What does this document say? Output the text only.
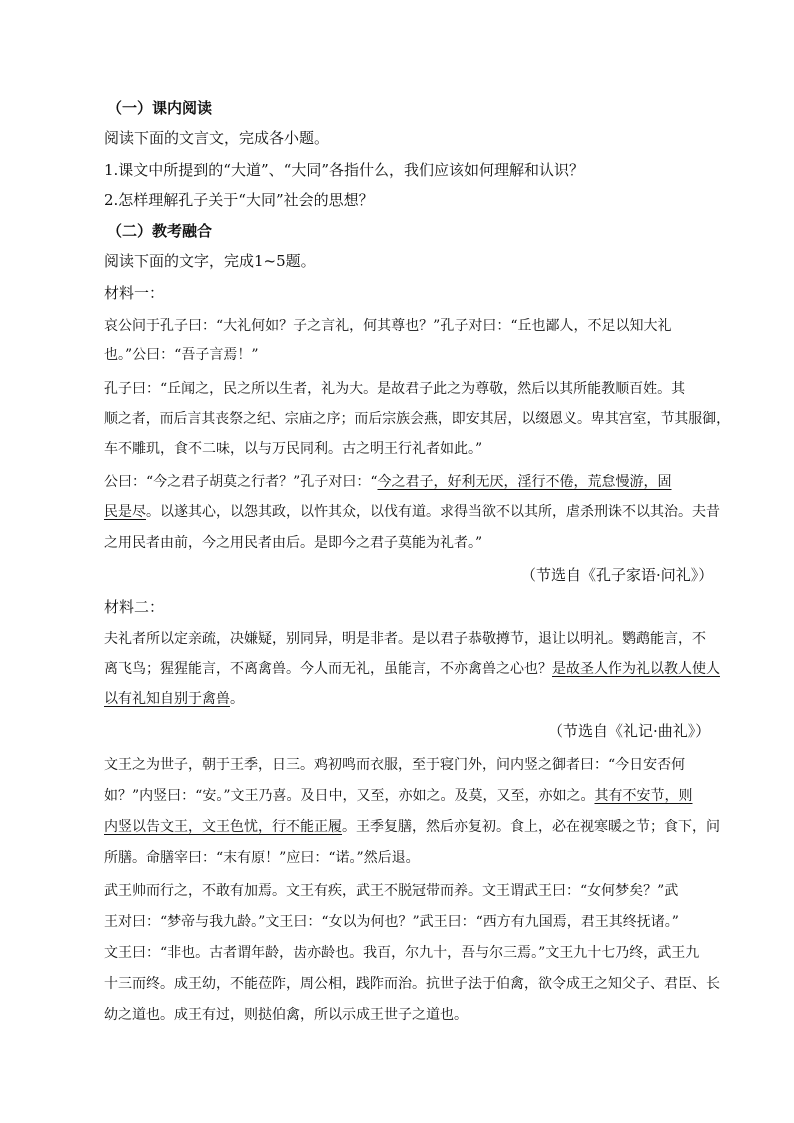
（一）课内阅读
阅读下面的文言文，完成各小题。
1.课文中所提到的“大道”、“大同”各指什么，我们应该如何理解和认识？
2.怎样理解孔子关于“大同”社会的思想？
（二）教考融合
阅读下面的文字，完成1~5题。
材料一：
哀公问于孔子曰：“大礼何如？子之言礼，何其尊也？”孔子对曰：“丘也鄙人，不足以知大礼
也。”公曰：“吾子言焉！”
孔子曰：“丘闻之，民之所以生者，礼为大。是故君子此之为尊敬，然后以其所能教顺百姓。其
顺之者，而后言其丧祭之纪、宗庙之序；而后宗族会燕，即安其居，以缀恩义。卑其宫室，节其服御，
车不雕玑，食不二味，以与万民同利。古之明王行礼者如此。”
公曰：“今之君子胡莫之行者？”孔子对曰：“今之君子，好利无厌，淫行不倦，荒怠慢游，固
民是尽。以遂其心，以怨其政，以忤其众，以伐有道。求得当欲不以其所，虐杀刑诛不以其治。夫昔
之用民者由前，今之用民者由后。是即今之君子莫能为礼者。”
（节选自《孔子家语·问礼》）
材料二：
夫礼者所以定亲疏，决嫌疑，别同异，明是非者。是以君子恭敬撙节，退让以明礼。鹦鹉能言，不
离飞鸟；猩猩能言，不离禽兽。今人而无礼，虽能言，不亦禽兽之心也？是故圣人作为礼以教人使人
以有礼知自别于禽兽。
（节选自《礼记·曲礼》）
文王之为世子，朝于王季，日三。鸡初鸣而衣服，至于寝门外，问内竖之御者曰：“今日安否何
如？”内竖曰：“安。”文王乃喜。及日中，又至，亦如之。及莫，又至，亦如之。其有不安节，则
内竖以告文王，文王色忧，行不能正履。王季复膳，然后亦复初。食上，必在视寒暖之节；食下，问
所膳。命膳宰曰：“末有原！”应曰：“诺。”然后退。
武王帅而行之，不敢有加焉。文王有疾，武王不脱冠带而养。文王谓武王曰：“女何梦矣？”武
王对曰：“梦帝与我九龄。”文王曰：“女以为何也？”武王曰：“西方有九国焉，君王其终抚诸。”
文王曰：“非也。古者谓年龄，齿亦龄也。我百，尔九十，吾与尔三焉。”文王九十七乃终，武王九
十三而终。成王幼，不能莅阼，周公相，践阼而治。抗世子法于伯禽，欲令成王之知父子、君臣、长
幼之道也。成王有过，则挞伯禽，所以示成王世子之道也。
